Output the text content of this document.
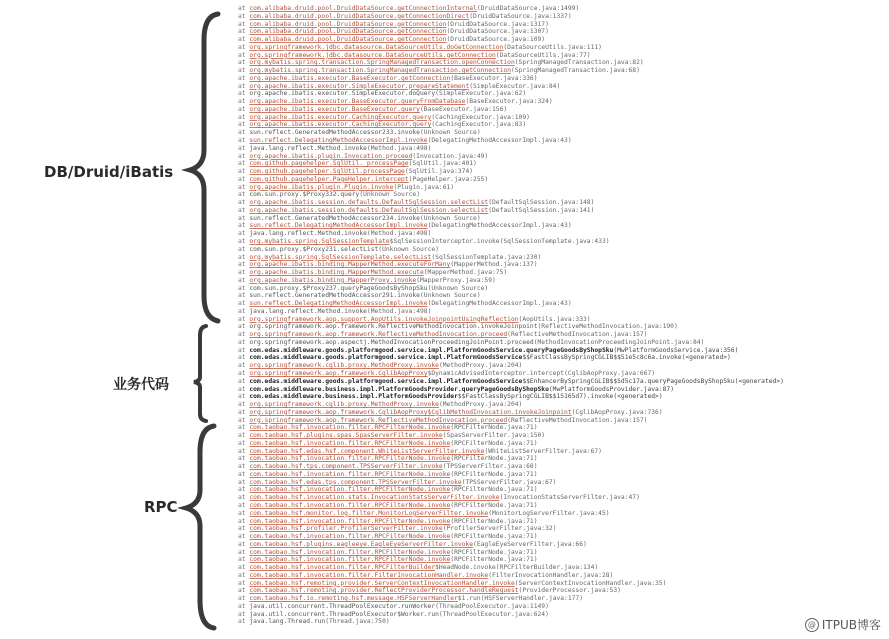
DB/Druid/iBatis
业务代码
RPC
at com.alibaba.druid.pool.DruidDataSource.getConnectionInternal(DruidDataSource.java:1499)
at com.alibaba.druid.pool.DruidDataSource.getConnectionDirect(DruidDataSource.java:1337)
at com.alibaba.druid.pool.DruidDataSource.getConnection(DruidDataSource.java:1317)
at com.alibaba.druid.pool.DruidDataSource.getConnection(DruidDataSource.java:1307)
at com.alibaba.druid.pool.DruidDataSource.getConnection(DruidDataSource.java:109)
at org.springframework.jdbc.datasource.DataSourceUtils.doGetConnection(DataSourceUtils.java:111)
at org.springframework.jdbc.datasource.DataSourceUtils.getConnection(DataSourceUtils.java:77)
at org.mybatis.spring.transaction.SpringManagedTransaction.openConnection(SpringManagedTransaction.java:82)
at org.mybatis.spring.transaction.SpringManagedTransaction.getConnection(SpringManagedTransaction.java:68)
at org.apache.ibatis.executor.BaseExecutor.getConnection(BaseExecutor.java:336)
at org.apache.ibatis.executor.SimpleExecutor.prepareStatement(SimpleExecutor.java:84)
at org.apache.ibatis.executor.SimpleExecutor.doQuery(SimpleExecutor.java:62)
at org.apache.ibatis.executor.BaseExecutor.queryFromDatabase(BaseExecutor.java:324)
at org.apache.ibatis.executor.BaseExecutor.query(BaseExecutor.java:156)
at org.apache.ibatis.executor.CachingExecutor.query(CachingExecutor.java:109)
at org.apache.ibatis.executor.CachingExecutor.query(CachingExecutor.java:83)
at sun.reflect.GeneratedMethodAccessor233.invoke(Unknown Source)
at sun.reflect.DelegatingMethodAccessorImpl.invoke(DelegatingMethodAccessorImpl.java:43)
at java.lang.reflect.Method.invoke(Method.java:498)
at org.apache.ibatis.plugin.Invocation.proceed(Invocation.java:49)
at com.github.pagehelper.SqlUtil._processPage(SqlUtil.java:401)
at com.github.pagehelper.SqlUtil.processPage(SqlUtil.java:374)
at com.github.pagehelper.PageHelper.intercept(PageHelper.java:255)
at org.apache.ibatis.plugin.Plugin.invoke(Plugin.java:61)
at com.sun.proxy.$Proxy332.query(Unknown Source)
at org.apache.ibatis.session.defaults.DefaultSqlSession.selectList(DefaultSqlSession.java:148)
at org.apache.ibatis.session.defaults.DefaultSqlSession.selectList(DefaultSqlSession.java:141)
at sun.reflect.GeneratedMethodAccessor234.invoke(Unknown Source)
at sun.reflect.DelegatingMethodAccessorImpl.invoke(DelegatingMethodAccessorImpl.java:43)
at java.lang.reflect.Method.invoke(Method.java:498)
at org.mybatis.spring.SqlSessionTemplate$SqlSessionInterceptor.invoke(SqlSessionTemplate.java:433)
at com.sun.proxy.$Proxy231.selectList(Unknown Source)
at org.mybatis.spring.SqlSessionTemplate.selectList(SqlSessionTemplate.java:230)
at org.apache.ibatis.binding.MapperMethod.executeForMany(MapperMethod.java:137)
at org.apache.ibatis.binding.MapperMethod.execute(MapperMethod.java:75)
at org.apache.ibatis.binding.MapperProxy.invoke(MapperProxy.java:59)
at com.sun.proxy.$Proxy237.queryPageGoodsByShopSku(Unknown Source)
at sun.reflect.GeneratedMethodAccessor291.invoke(Unknown Source)
at sun.reflect.DelegatingMethodAccessorImpl.invoke(DelegatingMethodAccessorImpl.java:43)
at java.lang.reflect.Method.invoke(Method.java:498)
at org.springframework.aop.support.AopUtils.invokeJoinpointUsingReflection(AopUtils.java:333)
at org.springframework.aop.framework.ReflectiveMethodInvocation.invokeJoinpoint(ReflectiveMethodInvocation.java:190)
at org.springframework.aop.framework.ReflectiveMethodInvocation.proceed(ReflectiveMethodInvocation.java:157)
at org.springframework.aop.aspectj.MethodInvocationProceedingJoinPoint.proceed(MethodInvocationProceedingJoinPoint.java:84)
at com.edas.middleware.goods.platformgood.service.impl.PlatformGoodsService.queryPageGoodsByShopSku(MwPlatformGoodsService.java:356)
at com.edas.middleware.goods.platformgood.service.impl.PlatformGoodsService$$FastClassBySpringCGLIB$$51e5c8c6a.invoke(<generated>)
at org.springframework.cglib.proxy.MethodProxy.invoke(MethodProxy.java:204)
at org.springframework.aop.framework.CglibAopProxy$DynamicAdvisedInterceptor.intercept(CglibAopProxy.java:667)
at com.edas.middleware.goods.platformgood.service.impl.PlatformGoodsService$$EnhancerBySpringCGLIB$$5d5c17a.queryPageGoodsByShopSku(<generated>)
at com.edas.middleware.business.impl.PlatformGoodsProvider.queryPageGoodsByShopSku(MwPlatformGoodsProvider.java:87)
at com.edas.middleware.business.impl.PlatformGoodsProvider$$FastClassBySpringCGLIB$$15165d7).invoke(<generated>)
at org.springframework.cglib.proxy.MethodProxy.invoke(MethodProxy.java:204)
at org.springframework.aop.framework.CglibAopProxy$CglibMethodInvocation.invokeJoinpoint(CglibAopProxy.java:736)
at org.springframework.aop.framework.ReflectiveMethodInvocation.proceed(ReflectiveMethodInvocation.java:157)
at com.taobao.hsf.invocation.filter.RPCFilterNode.invoke(RPCFilterNode.java:71)
at com.taobao.hsf.plugins.spas.SpasServerFilter.invoke(SpasServerFilter.java:150)
at com.taobao.hsf.invocation.filter.RPCFilterNode.invoke(RPCFilterNode.java:71)
at com.taobao.hsf.edas.hsf.component.WhiteListServerFilter.invoke(WhiteListServerFilter.java:67)
at com.taobao.hsf.invocation.filter.RPCFilterNode.invoke(RPCFilterNode.java:71)
at com.taobao.hsf.tps.component.TPSServerFilter.invoke(TPSServerFilter.java:68)
at com.taobao.hsf.invocation.filter.RPCFilterNode.invoke(RPCFilterNode.java:71)
at com.taobao.hsf.edas.tps.component.TPSServerFilter.invoke(TPSServerFilter.java:67)
at com.taobao.hsf.invocation.filter.RPCFilterNode.invoke(RPCFilterNode.java:71)
at com.taobao.hsf.invocation.stats.InvocationStatsServerFilter.invoke(InvocationStatsServerFilter.java:47)
at com.taobao.hsf.invocation.filter.RPCFilterNode.invoke(RPCFilterNode.java:71)
at com.taobao.hsf.monitor.log.filter.MonitorLogServerFilter.invoke(MonitorLogServerFilter.java:45)
at com.taobao.hsf.invocation.filter.RPCFilterNode.invoke(RPCFilterNode.java:71)
at com.taobao.hsf.profiler.ProfilerServerFilter.invoke(ProfilerServerFilter.java:32)
at com.taobao.hsf.invocation.filter.RPCFilterNode.invoke(RPCFilterNode.java:71)
at com.taobao.hsf.plugins.eagleeye.EagleEyeServerFilter.invoke(EagleEyeServerFilter.java:66)
at com.taobao.hsf.invocation.filter.RPCFilterNode.invoke(RPCFilterNode.java:71)
at com.taobao.hsf.invocation.filter.RPCFilterNode.invoke(RPCFilterNode.java:71)
at com.taobao.hsf.invocation.filter.RPCFilterBuilder$HeadNode.invoke(RPCFilterBuilder.java:134)
at com.taobao.hsf.invocation.filter.FilterInvocationHandler.invoke(FilterInvocationHandler.java:28)
at com.taobao.hsf.remoting.provider.ServerContextInvocationHandler.invoke(ServerContextInvocationHandler.java:35)
at com.taobao.hsf.remoting.provider.ReflectProviderProcessor.handleRequest(ProviderProcessor.java:53)
at com.taobao.hsf.io.remoting.hsf.message.HSFServerHandler$1.run(HSFServerHandler.java:177)
at java.util.concurrent.ThreadPoolExecutor.runWorker(ThreadPoolExecutor.java:1149)
at java.util.concurrent.ThreadPoolExecutor$Worker.run(ThreadPoolExecutor.java:624)
at java.lang.Thread.run(Thread.java:750)	@ ITPUB博客
